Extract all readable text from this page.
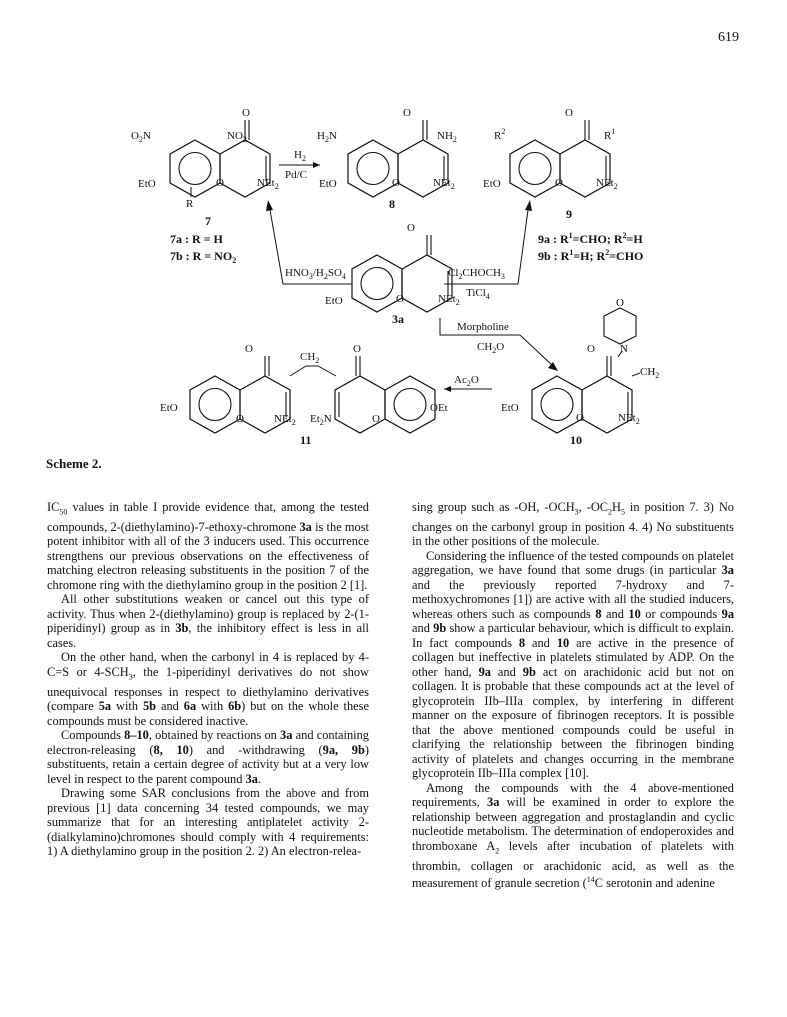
619
O
$O_2N$	$NO_2$
EtO	O	NEt$_2$
R
7
7a : R = H
7b : $R = NO_2$
$H_2$
Pd/C
O
$H_2N$	$NH_2$
EtO	O	NEt$_2$
8
O
$R^2$	$R^1$
EtO	O	NEt$_2$
9
9a : $R^1=CHO$; $R^2=H$
9b : $R^1=H$; $R^2=CHO$
$HNO_3/H_2SO_4$	$Cl_2CHOCH_3$
TiCl$_4$
O
EtO	O	NEt$_2$
3a
Morpholine
$CH_2O$	O
EtO
O	NEt$_2$
$CH_2$
O
N
10
$Ac_2O$
O
EtO
O	NEt$_2$
O
$Et_2N$	O
OEt
$CH_2$
11
Scheme 2.

$IC_{50}$ values in table I provide evidence that, among the tested compounds, 2-(diethylamino)-7-ethoxy-chromone 3a is the most potent inhibitor with all of the 3 inducers used. This occurrence strengthens our previous observations on the effectiveness of matching electron releasing substituents in the position 7 of the chromone ring with the diethylamino group in the position 2 [1].

All other substitutions weaken or cancel out this type of activity. Thus when 2-(diethylamino) group is replaced by 2-(1-piperidinyl) group as in 3b, the inhibitory effect is less in all cases.

On the other hand, when the carbonyl in 4 is replaced by 4-C=S or $4-SCH_3$, the 1-piperidinyl derivatives do not show unequivocal responses in respect to diethylamino derivatives (compare 5a with 5b and 6a with 6b) but on the whole these compounds must be considered inactive.

Compounds 8–10, obtained by reactions on 3a and containing electron-releasing (8, 10) and -withdrawing (9a, 9b) substituents, retain a certain degree of activity but at a very low level in respect to the parent compound 3a.

Drawing some SAR conclusions from the above and from previous [1] data concerning 34 tested compounds, we may summarize that for an interesting antiplatelet activity 2-(dialkylamino)chromones should comply with 4 requirements: 1) A diethylamino group in the position 2. 2) An electron-relea-

sing group such as -OH, $-OCH_3$, $-OC_2H_5$ in position 7. 3) No changes on the carbonyl group in position 4. 4) No substituents in the other positions of the molecule.

Considering the influence of the tested compounds on platelet aggregation, we have found that some drugs (in particular 3a and the previously reported 7-hydroxy and 7-methoxychromones [1]) are active with all the studied inducers, whereas others such as compounds 8 and 10 or compounds 9a and 9b show a particular behaviour, which is difficult to explain. In fact compounds 8 and 10 are active in the presence of collagen but ineffective in platelets stimulated by ADP. On the other hand, 9a and 9b act on arachidonic acid but not on collagen. It is probable that these compounds act at the level of glycoprotein IIb–IIIa complex, by interfering in different manner on the exposure of fibrinogen receptors. It is possible that the above mentioned compounds could be useful in clarifying the relationship between the fibrinogen binding activity of platelets and changes occurring in the membrane glycoprotein IIb–IIIa complex [10].

Among the compounds with the 4 above-mentioned requirements, 3a will be examined in order to explore the relationship between aggregation and prostaglandin and cyclic nucleotide metabolism. The determination of endoperoxides and thromboxane $A_2$ levels after incubation of platelets with thrombin, collagen or arachidonic acid, as well as the measurement of granule secretion ($^{14}$C serotonin and adenine
